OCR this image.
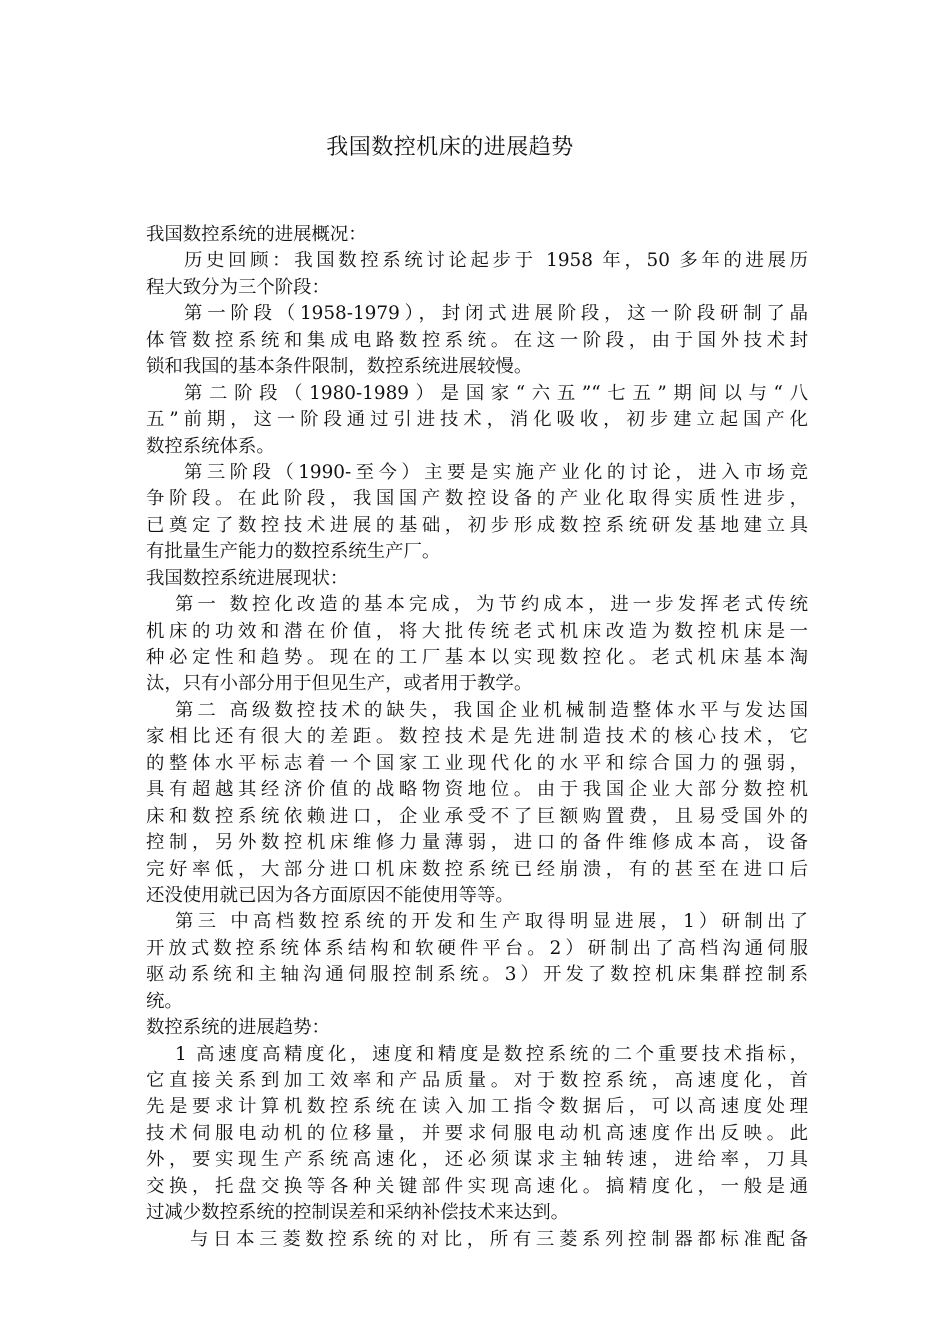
我国数控机床的进展趋势
我国数控系统的进展概况：
历史回顾：我国数控系统讨论起步于 1958 年，50 多年的进展历
程大致分为三个阶段：
第一阶段（1958-1979），封闭式进展阶段，这一阶段研制了晶
体管数控系统和集成电路数控系统。在这一阶段，由于国外技术封
锁和我国的基本条件限制，数控系统进展较慢。
第二阶段（1980-1989）是国家“六五”“七五”期间以与“八
五”前期，这一阶段通过引进技术，消化吸收，初步建立起国产化
数控系统体系。
第三阶段（1990-至今）主要是实施产业化的讨论，进入市场竞
争阶段。在此阶段，我国国产数控设备的产业化取得实质性进步，
已奠定了数控技术进展的基础，初步形成数控系统研发基地建立具
有批量生产能力的数控系统生产厂。
我国数控系统进展现状：
第一 数控化改造的基本完成，为节约成本，进一步发挥老式传统
机床的功效和潜在价值，将大批传统老式机床改造为数控机床是一
种必定性和趋势。现在的工厂基本以实现数控化。老式机床基本淘
汰，只有小部分用于但见生产，或者用于教学。
第二 高级数控技术的缺失，我国企业机械制造整体水平与发达国
家相比还有很大的差距。数控技术是先进制造技术的核心技术，它
的整体水平标志着一个国家工业现代化的水平和综合国力的强弱，
具有超越其经济价值的战略物资地位。由于我国企业大部分数控机
床和数控系统依赖进口，企业承受不了巨额购置费，且易受国外的
控制，另外数控机床维修力量薄弱，进口的备件维修成本高，设备
完好率低，大部分进口机床数控系统已经崩溃，有的甚至在进口后
还没使用就已因为各方面原因不能使用等等。
第三 中高档数控系统的开发和生产取得明显进展，1）研制出了
开放式数控系统体系结构和软硬件平台。2）研制出了高档沟通伺服
驱动系统和主轴沟通伺服控制系统。3）开发了数控机床集群控制系
统。
数控系统的进展趋势：
1 高速度高精度化，速度和精度是数控系统的二个重要技术指标，
它直接关系到加工效率和产品质量。对于数控系统，高速度化，首
先是要求计算机数控系统在读入加工指令数据后，可以高速度处理
技术伺服电动机的位移量，并要求伺服电动机高速度作出反映。此
外，要实现生产系统高速化，还必须谋求主轴转速，进给率，刀具
交换，托盘交换等各种关键部件实现高速化。搞精度化，一般是通
过减少数控系统的控制误差和采纳补偿技术来达到。
与日本三菱数控系统的对比，所有三菱系列控制器都标准配备
